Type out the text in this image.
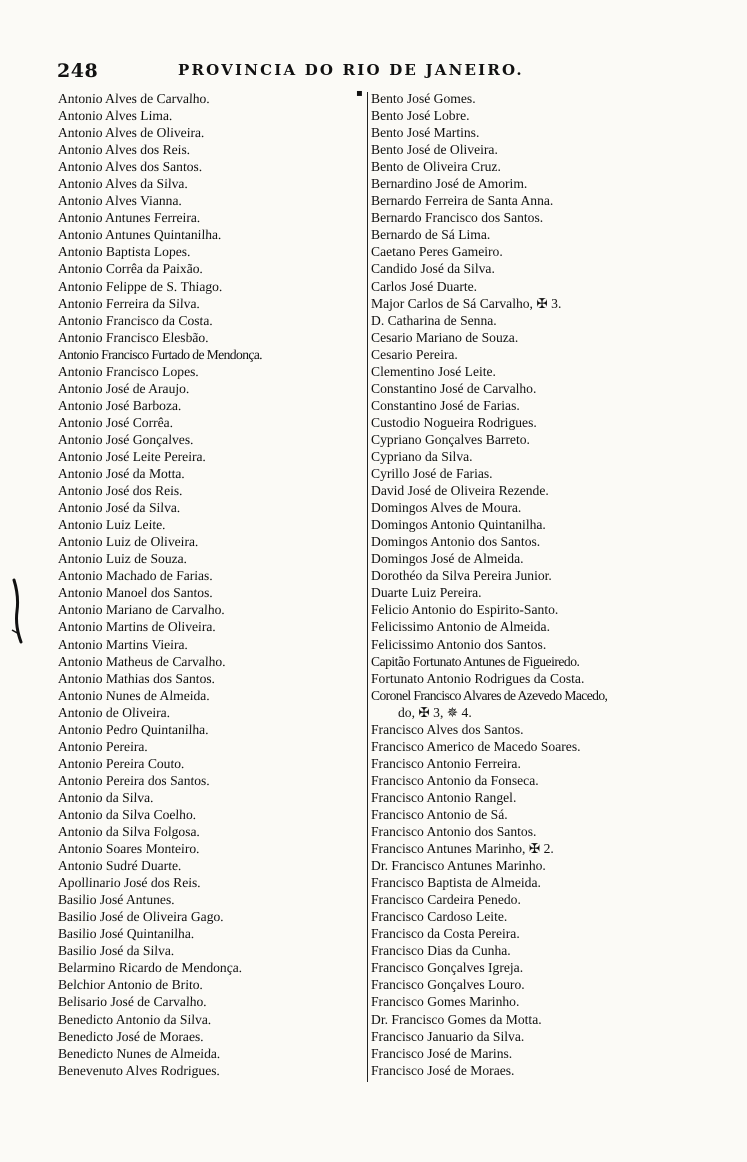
248	PROVINCIA DO RIO DE JANEIRO.
▪
Antonio Alves de Carvalho.
Antonio Alves Lima.
Antonio Alves de Oliveira.
Antonio Alves dos Reis.
Antonio Alves dos Santos.
Antonio Alves da Silva.
Antonio Alves Vianna.
Antonio Antunes Ferreira.
Antonio Antunes Quintanilha.
Antonio Baptista Lopes.
Antonio Corrêa da Paixão.
Antonio Felippe de S. Thiago.
Antonio Ferreira da Silva.
Antonio Francisco da Costa.
Antonio Francisco Elesbão.
Antonio Francisco Furtado de Mendonça.
Antonio Francisco Lopes.
Antonio José de Araujo.
Antonio José Barboza.
Antonio José Corrêa.
Antonio José Gonçalves.
Antonio José Leite Pereira.
Antonio José da Motta.
Antonio José dos Reis.
Antonio José da Silva.
Antonio Luiz Leite.
Antonio Luiz de Oliveira.
Antonio Luiz de Souza.
Antonio Machado de Farias.
Antonio Manoel dos Santos.
Antonio Mariano de Carvalho.
Antonio Martins de Oliveira.
Antonio Martins Vieira.
Antonio Matheus de Carvalho.
Antonio Mathias dos Santos.
Antonio Nunes de Almeida.
Antonio de Oliveira.
Antonio Pedro Quintanilha.
Antonio Pereira.
Antonio Pereira Couto.
Antonio Pereira dos Santos.
Antonio da Silva.
Antonio da Silva Coelho.
Antonio da Silva Folgosa.
Antonio Soares Monteiro.
Antonio Sudré Duarte.
Apollinario José dos Reis.
Basilio José Antunes.
Basilio José de Oliveira Gago.
Basilio José Quintanilha.
Basilio José da Silva.
Belarmino Ricardo de Mendonça.
Belchior Antonio de Brito.
Belisario José de Carvalho.
Benedicto Antonio da Silva.
Benedicto José de Moraes.
Benedicto Nunes de Almeida.
Benevenuto Alves Rodrigues.
Bento José Gomes.
Bento José Lobre.
Bento José Martins.
Bento José de Oliveira.
Bento de Oliveira Cruz.
Bernardino José de Amorim.
Bernardo Ferreira de Santa Anna.
Bernardo Francisco dos Santos.
Bernardo de Sá Lima.
Caetano Peres Gameiro.
Candido José da Silva.
Carlos José Duarte.
Major Carlos de Sá Carvalho, ✠ 3.
D. Catharina de Senna.
Cesario Mariano de Souza.
Cesario Pereira.
Clementino José Leite.
Constantino José de Carvalho.
Constantino José de Farias.
Custodio Nogueira Rodrigues.
Cypriano Gonçalves Barreto.
Cypriano da Silva.
Cyrillo José de Farias.
David José de Oliveira Rezende.
Domingos Alves de Moura.
Domingos Antonio Quintanilha.
Domingos Antonio dos Santos.
Domingos José de Almeida.
Dorothéo da Silva Pereira Junior.
Duarte Luiz Pereira.
Felicio Antonio do Espirito-Santo.
Felicissimo Antonio de Almeida.
Felicissimo Antonio dos Santos.
Capitão Fortunato Antunes de Figueiredo.
Fortunato Antonio Rodrigues da Costa.
Coronel Francisco Alvares de Azevedo Macedo,
do, ✠ 3, ✵ 4.
Francisco Alves dos Santos.
Francisco Americo de Macedo Soares.
Francisco Antonio Ferreira.
Francisco Antonio da Fonseca.
Francisco Antonio Rangel.
Francisco Antonio de Sá.
Francisco Antonio dos Santos.
Francisco Antunes Marinho, ✠ 2.
Dr. Francisco Antunes Marinho.
Francisco Baptista de Almeida.
Francisco Cardeira Penedo.
Francisco Cardoso Leite.
Francisco da Costa Pereira.
Francisco Dias da Cunha.
Francisco Gonçalves Igreja.
Francisco Gonçalves Louro.
Francisco Gomes Marinho.
Dr. Francisco Gomes da Motta.
Francisco Januario da Silva.
Francisco José de Marins.
Francisco José de Moraes.
